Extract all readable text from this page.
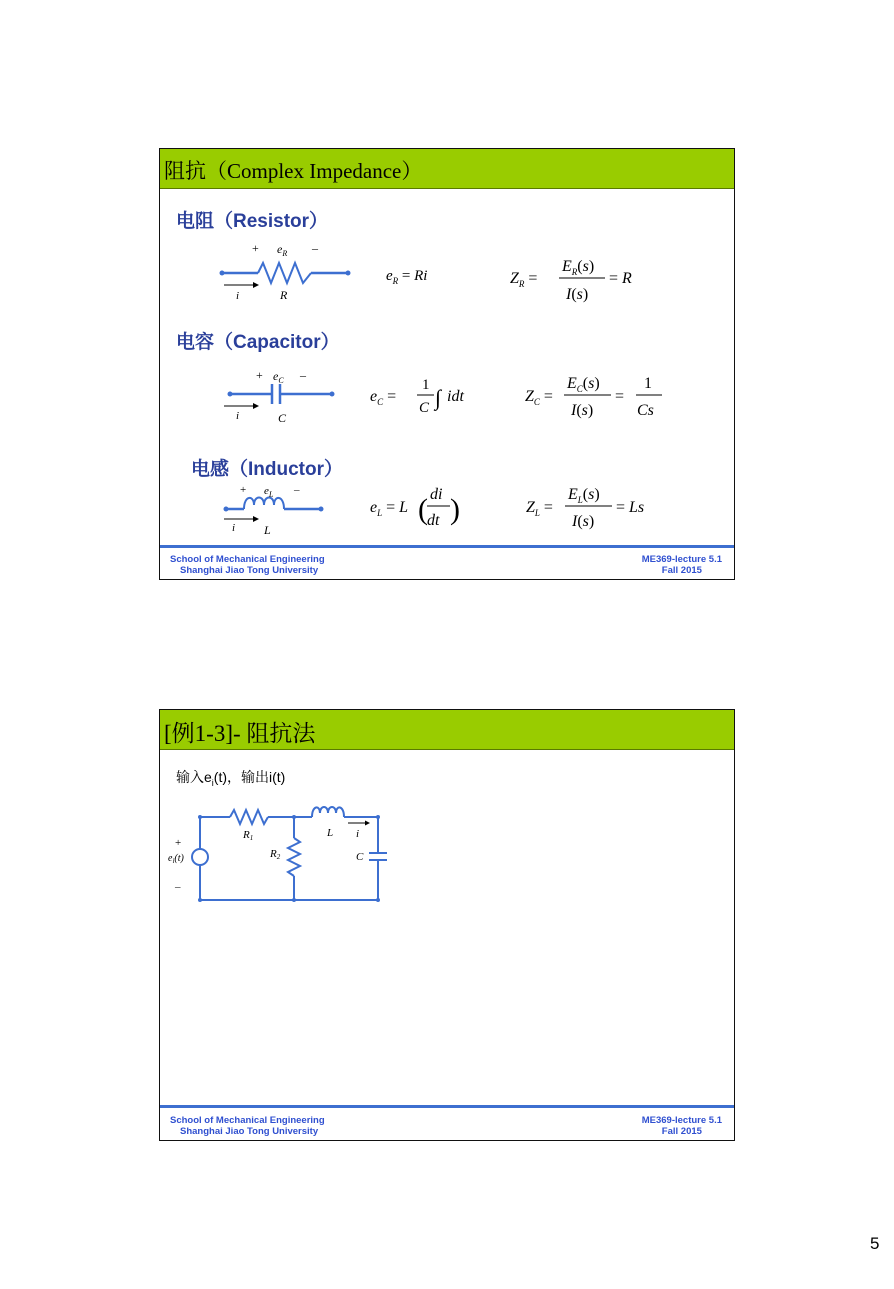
阻抗（Complex Impedance）
电阻（Resistor）
+	–
$e_R$
i	R
$e_R = Ri$	$Z_R$ =
$E_R(s)$
I(s)
= R
+	–
$e_C$
i	C
$e_C$ =
1
C ∫ idt	$Z_C$ =
$E_C(s)$
I(s)
=
1
Cs
+	–
$e_L$
i L
$e_L = L$ ( di
dt )	$Z_L$ =
$E_L(s)$
I(s)
= Ls
电容（Capacitor）
电感（Inductor）
School of Mechanical Engineering
Shanghai Jiao Tong University
ME369-lecture 5.1
Fall 2015
[例1-3]- 阻抗法
输入$e_i(t)$，输出i(t)
+
–
$e_i(t)$
R1
R2
L i
C
School of Mechanical Engineering
Shanghai Jiao Tong University
ME369-lecture 5.1
Fall 2015
5
